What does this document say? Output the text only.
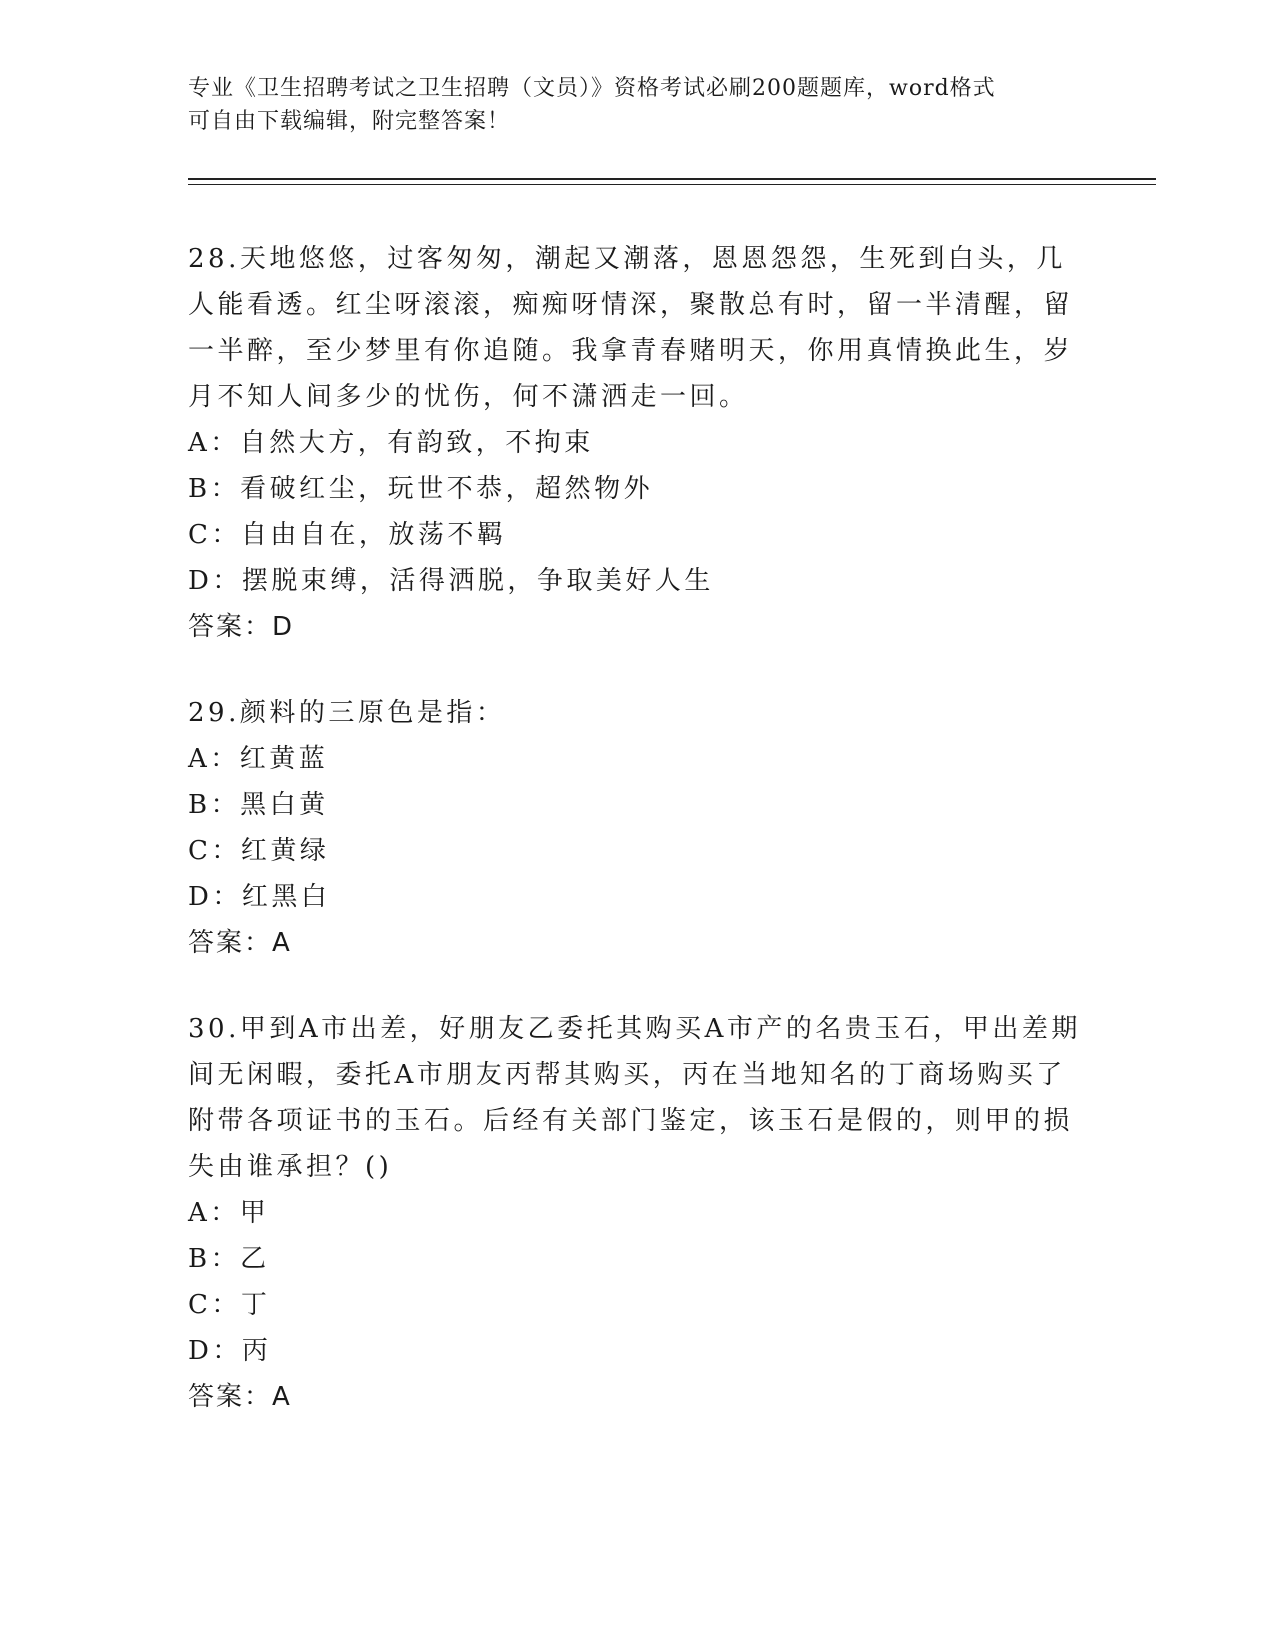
专业《卫生招聘考试之卫生招聘（文员）》资格考试必刷200题题库，word格式
可自由下载编辑，附完整答案！

28.天地悠悠，过客匆匆，潮起又潮落，恩恩怨怨，生死到白头，几人能看透。红尘呀滚滚，痴痴呀情深，聚散总有时，留一半清醒，留一半醉，至少梦里有你追随。我拿青春赌明天，你用真情换此生，岁月不知人间多少的忧伤，何不潇洒走一回。

A：自然大方，有韵致，不拘束

B：看破红尘，玩世不恭，超然物外

C：自由自在，放荡不羁

D：摆脱束缚，活得洒脱，争取美好人生

答案：D

29.颜料的三原色是指：

A：红黄蓝

B：黑白黄

C：红黄绿

D：红黑白

答案：A

30.甲到A市出差，好朋友乙委托其购买A市产的名贵玉石，甲出差期间无闲暇，委托A市朋友丙帮其购买，丙在当地知名的丁商场购买了附带各项证书的玉石。后经有关部门鉴定，该玉石是假的，则甲的损失由谁承担？()

A：甲

B：乙

C：丁

D：丙

答案：A
